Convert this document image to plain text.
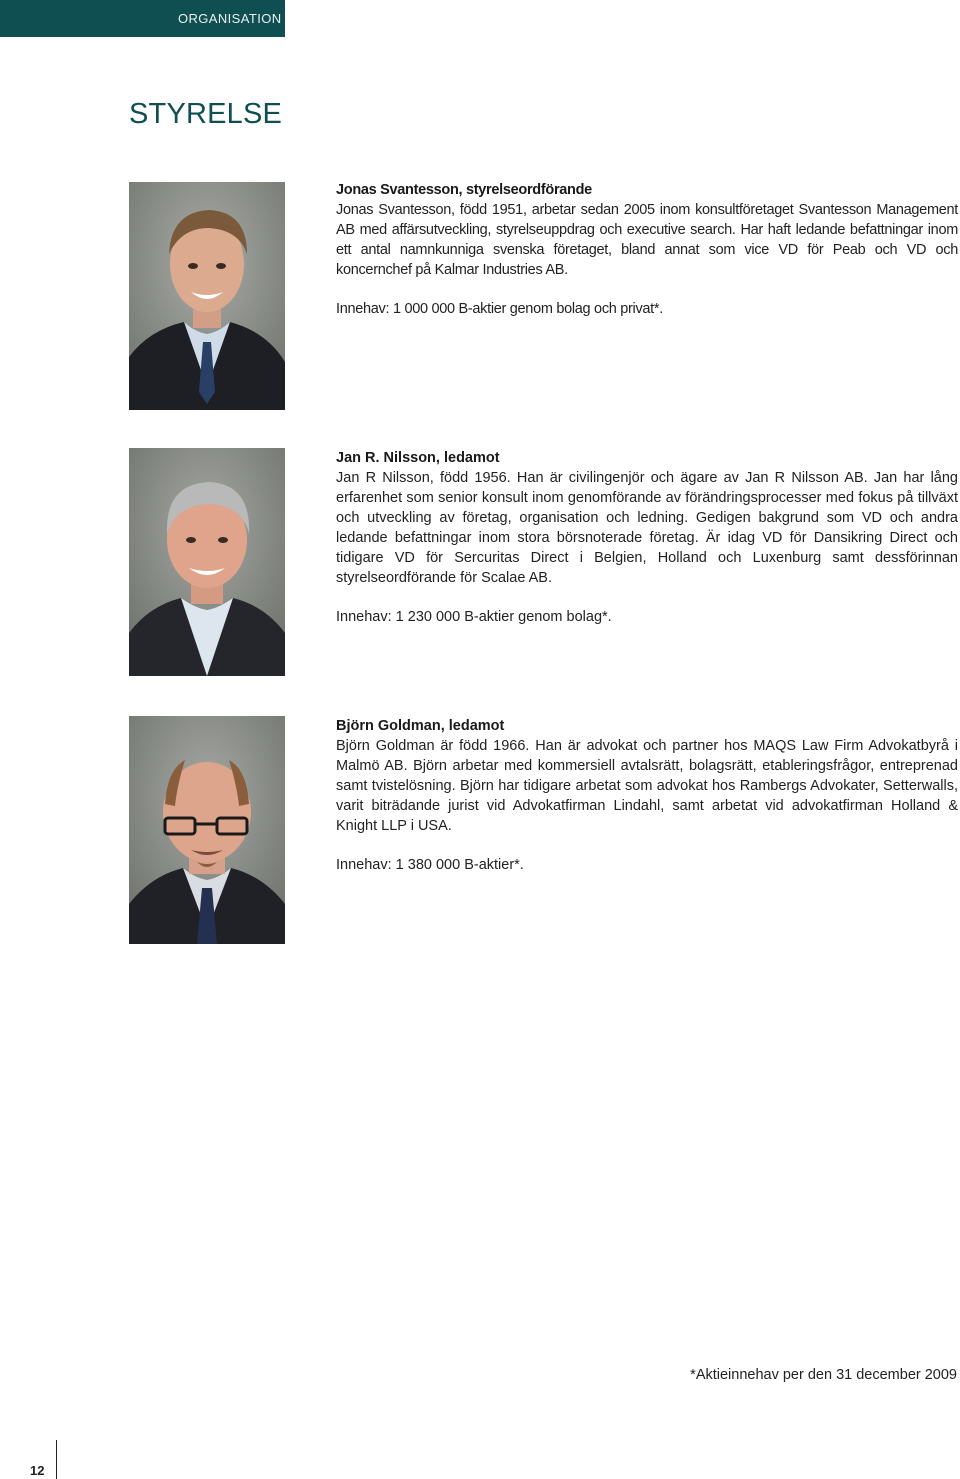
ORGANISATION
STYRELSE
Jonas Svantesson, styrelseordförande

Jonas Svantesson, född 1951, arbetar sedan 2005 inom konsultföretaget Svantesson Management AB med affärsutveckling, styrelseuppdrag och executive search. Har haft ledande befattningar inom ett antal namnkunniga svenska företaget, bland annat som vice VD för Peab och VD och koncernchef på Kalmar Industries AB.

Innehav: 1 000 000 B-aktier genom bolag och privat*.

Jan R. Nilsson, ledamot

Jan R Nilsson, född 1956. Han är civilingenjör och ägare av Jan R Nilsson AB. Jan har lång erfarenhet som senior konsult inom genomförande av förändringsprocesser med fokus på tillväxt och utveckling av företag, organisation och ledning. Gedigen bakgrund som VD och andra ledande befattningar inom stora börsnoterade företag. Är idag VD för Dansikring Direct och tidigare VD för Sercuritas Direct i Belgien, Holland och Luxenburg samt dessförinnan styrelseordförande för Scalae AB.

Innehav: 1 230 000 B-aktier genom bolag*.

Björn Goldman, ledamot

Björn Goldman är född 1966. Han är advokat och partner hos MAQS Law Firm Advokatbyrå i Malmö AB. Björn arbetar med kommersiell avtalsrätt, bolagsrätt, etableringsfrågor, entreprenad samt tvistelösning. Björn har tidigare arbetat som advokat hos Rambergs Advokater, Setterwalls, varit biträdande jurist vid Advokatfirman Lindahl, samt arbetat vid advokatfirman Holland & Knight LLP i USA.

Innehav: 1 380 000 B-aktier*.

*Aktieinnehav per den 31 december 2009
12
